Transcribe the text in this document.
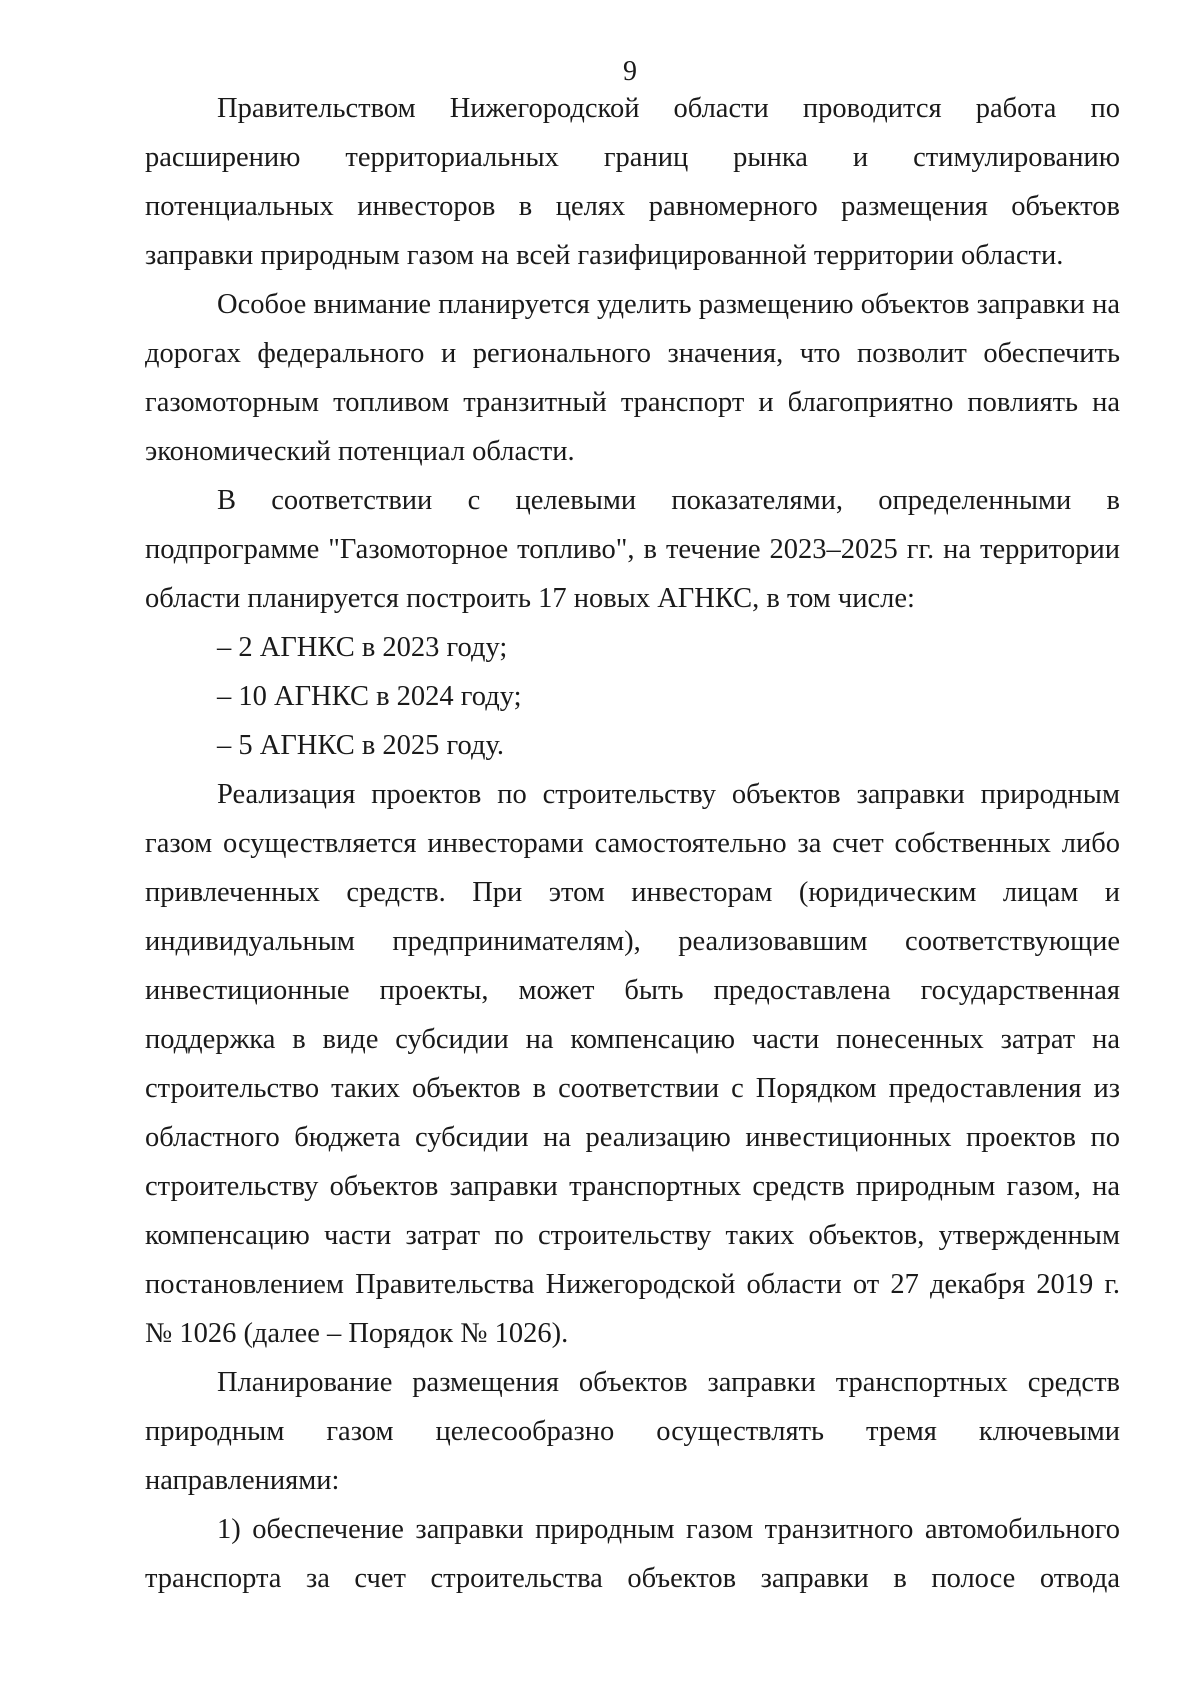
9

Правительством Нижегородской области проводится работа по расширению территориальных границ рынка и стимулированию потенциальных инвесторов в целях равномерного размещения объектов заправки природным газом на всей газифицированной территории области.

Особое внимание планируется уделить размещению объектов заправки на дорогах федерального и регионального значения, что позволит обеспечить газомоторным топливом транзитный транспорт и благоприятно повлиять на экономический потенциал области.

В соответствии с целевыми показателями, определенными в подпрограмме "Газомоторное топливо", в течение 2023–2025 гг. на территории области планируется построить 17 новых АГНКС, в том числе:

– 2 АГНКС в 2023 году;

– 10 АГНКС в 2024 году;

– 5 АГНКС в 2025 году.

Реализация проектов по строительству объектов заправки природным газом осуществляется инвесторами самостоятельно за счет собственных либо привлеченных средств. При этом инвесторам (юридическим лицам и индивидуальным предпринимателям), реализовавшим соответствующие инвестиционные проекты, может быть предоставлена государственная поддержка в виде субсидии на компенсацию части понесенных затрат на строительство таких объектов в соответствии с Порядком предоставления из областного бюджета субсидии на реализацию инвестиционных проектов по строительству объектов заправки транспортных средств природным газом, на компенсацию части затрат по строительству таких объектов, утвержденным постановлением Правительства Нижегородской области от 27 декабря 2019 г. № 1026 (далее – Порядок № 1026).

Планирование размещения объектов заправки транспортных средств природным газом целесообразно осуществлять тремя ключевыми направлениями:

1) обеспечение заправки природным газом транзитного автомобильного транспорта за счет строительства объектов заправки в полосе отвода
